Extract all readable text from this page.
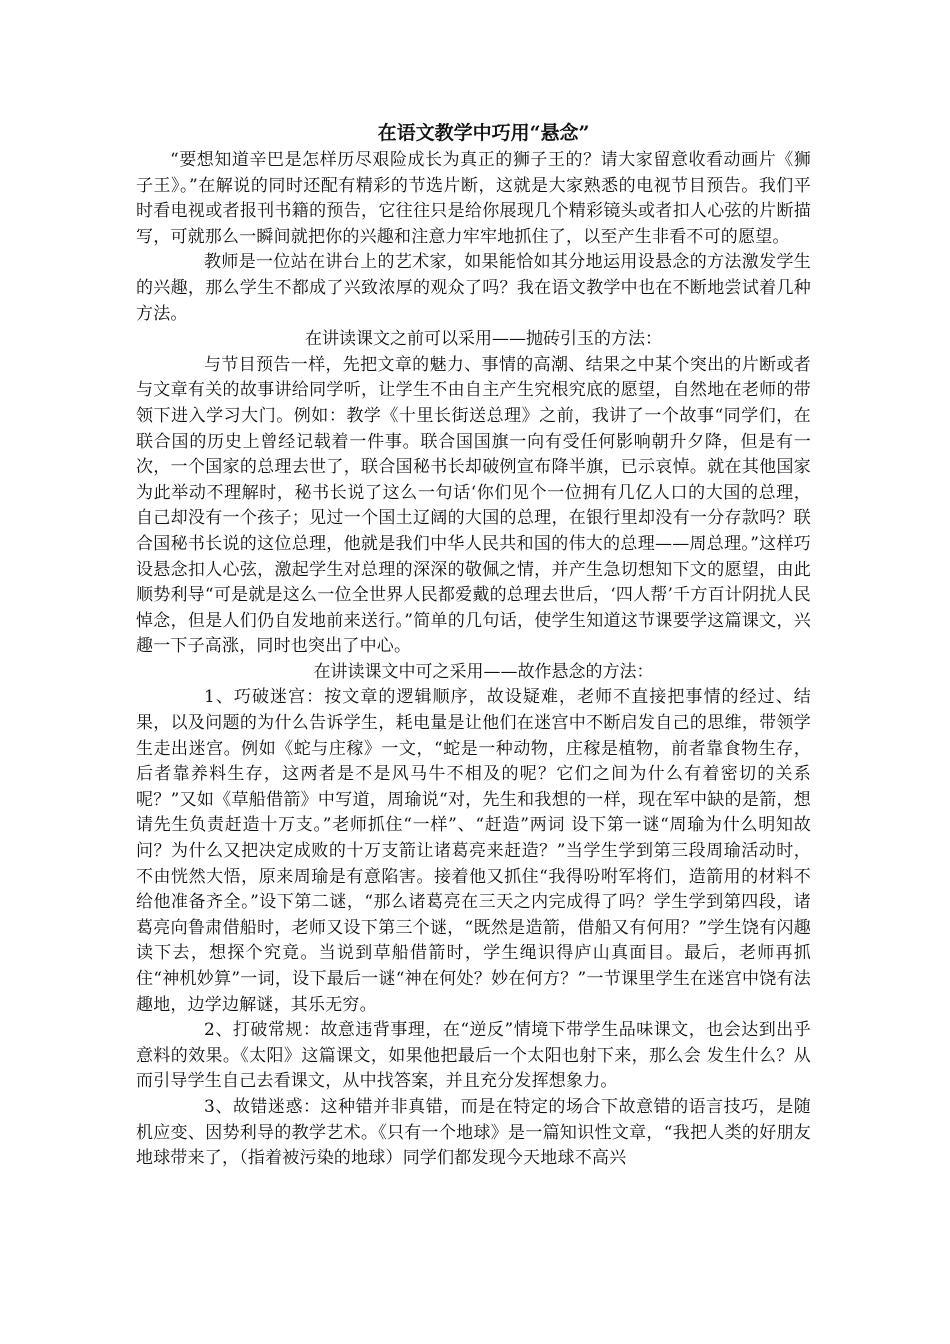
在语文教学中巧用“悬念”

“要想知道辛巴是怎样历尽艰险成长为真正的狮子王的？请大家留意收看动画片《狮子王》。”在解说的同时还配有精彩的节选片断，这就是大家熟悉的电视节目预告。我们平时看电视或者报刊书籍的预告，它往往只是给你展现几个精彩镜头或者扣人心弦的片断描写，可就那么一瞬间就把你的兴趣和注意力牢牢地抓住了，以至产生非看不可的愿望。

教师是一位站在讲台上的艺术家，如果能恰如其分地运用设悬念的方法激发学生的兴趣，那么学生不都成了兴致浓厚的观众了吗？我在语文教学中也在不断地尝试着几种方法。

在讲读课文之前可以采用——抛砖引玉的方法：

与节目预告一样，先把文章的魅力、事情的高潮、结果之中某个突出的片断或者与文章有关的故事讲给同学听，让学生不由自主产生究根究底的愿望，自然地在老师的带领下进入学习大门。例如：教学《十里长街送总理》之前，我讲了一个故事“同学们，在联合国的历史上曾经记载着一件事。联合国国旗一向有受任何影响朝升夕降，但是有一次，一个国家的总理去世了，联合国秘书长却破例宣布降半旗，已示哀悼。就在其他国家为此举动不理解时，秘书长说了这么一句话‘你们见个一位拥有几亿人口的大国的总理，自己却没有一个孩子；见过一个国土辽阔的大国的总理，在银行里却没有一分存款吗？联合国秘书长说的这位总理，他就是我们中华人民共和国的伟大的总理——周总理。”这样巧设悬念扣人心弦，激起学生对总理的深深的敬佩之情，并产生急切想知下文的愿望，由此顺势利导“可是就是这么一位全世界人民都爱戴的总理去世后，‘四人帮’千方百计阴扰人民悼念，但是人们仍自发地前来送行。”简单的几句话，使学生知道这节课要学这篇课文，兴趣一下子高涨，同时也突出了中心。

在讲读课文中可之采用——故作悬念的方法：

1、巧破迷宫：按文章的逻辑顺序，故设疑难，老师不直接把事情的经过、结果，以及问题的为什么告诉学生，耗电量是让他们在迷宫中不断启发自己的思维，带领学生走出迷宫。例如《蛇与庄稼》一文，“蛇是一种动物，庄稼是植物，前者靠食物生存，后者靠养料生存，这两者是不是风马牛不相及的呢？它们之间为什么有着密切的关系呢？”又如《草船借箭》中写道，周瑜说“对，先生和我想的一样，现在军中缺的是箭，想请先生负责赶造十万支。”老师抓住“一样”、“赶造”两词 设下第一谜“周瑜为什么明知故问？为什么又把决定成败的十万支箭让诸葛亮来赶造？”当学生学到第三段周瑜活动时，不由恍然大悟，原来周瑜是有意陷害。接着他又抓住“我得吩咐军将们，造箭用的材料不给他准备齐全。”设下第二谜，“那么诸葛亮在三天之内完成得了吗？学生学到第四段，诸葛亮向鲁肃借船时，老师又设下第三个谜，“既然是造箭，借船又有何用？”学生饶有闪趣读下去，想探个究竟。当说到草船借箭时，学生绳识得庐山真面目。最后，老师再抓住“神机妙算”一词，设下最后一谜“神在何处？妙在何方？”一节课里学生在迷宫中饶有法趣地，边学边解谜，其乐无穷。

2、打破常规：故意违背事理，在“逆反”情境下带学生品味课文，也会达到出乎意料的效果。《太阳》这篇课文，如果他把最后一个太阳也射下来，那么会 发生什么？从而引导学生自己去看课文，从中找答案，并且充分发挥想象力。

3、故错迷惑：这种错并非真错，而是在特定的场合下故意错的语言技巧，是随机应变、因势利导的教学艺术。《只有一个地球》是一篇知识性文章，“我把人类的好朋友地球带来了，（指着被污染的地球）同学们都发现今天地球不高兴
